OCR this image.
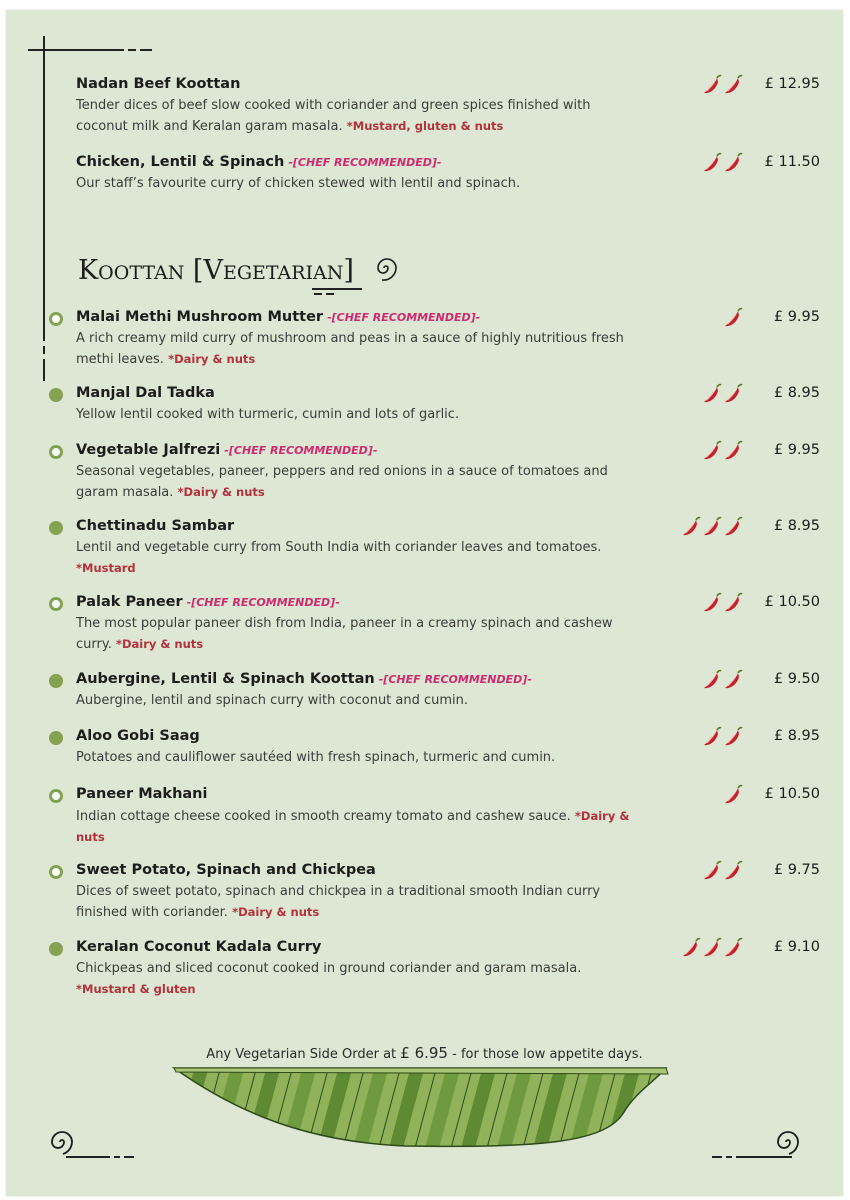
Nadan Beef Koottan
Tender dices of beef slow cooked with coriander and green spices finished with coconut milk and Keralan garam masala. *Mustard, gluten & nuts
£ 12.95
Chicken, Lentil & Spinach -[CHEF RECOMMENDED]-
Our staff’s favourite curry of chicken stewed with lentil and spinach.
£ 11.50
Koottan [Vegetarian]
Malai Methi Mushroom Mutter -[CHEF RECOMMENDED]-
A rich creamy mild curry of mushroom and peas in a sauce of highly nutritious fresh methi leaves. *Dairy & nuts
£ 9.95
Manjal Dal Tadka
Yellow lentil cooked with turmeric, cumin and lots of garlic.
£ 8.95
Vegetable Jalfrezi -[CHEF RECOMMENDED]-
Seasonal vegetables, paneer, peppers and red onions in a sauce of tomatoes and garam masala. *Dairy & nuts
£ 9.95
Chettinadu Sambar
Lentil and vegetable curry from South India with coriander leaves and tomatoes. *Mustard
£ 8.95
Palak Paneer -[CHEF RECOMMENDED]-
The most popular paneer dish from India, paneer in a creamy spinach and cashew curry. *Dairy & nuts
£ 10.50
Aubergine, Lentil & Spinach Koottan -[CHEF RECOMMENDED]-
Aubergine, lentil and spinach curry with coconut and cumin.
£ 9.50
Aloo Gobi Saag
Potatoes and cauliflower sautéed with fresh spinach, turmeric and cumin.
£ 8.95
Paneer Makhani
Indian cottage cheese cooked in smooth creamy tomato and cashew sauce. *Dairy & nuts
£ 10.50
Sweet Potato, Spinach and Chickpea
Dices of sweet potato, spinach and chickpea in a traditional smooth Indian curry finished with coriander. *Dairy & nuts
£ 9.75
Keralan Coconut Kadala Curry
Chickpeas and sliced coconut cooked in ground coriander and garam masala. *Mustard & gluten
£ 9.10
Any Vegetarian Side Order at £ 6.95 - for those low appetite days.
